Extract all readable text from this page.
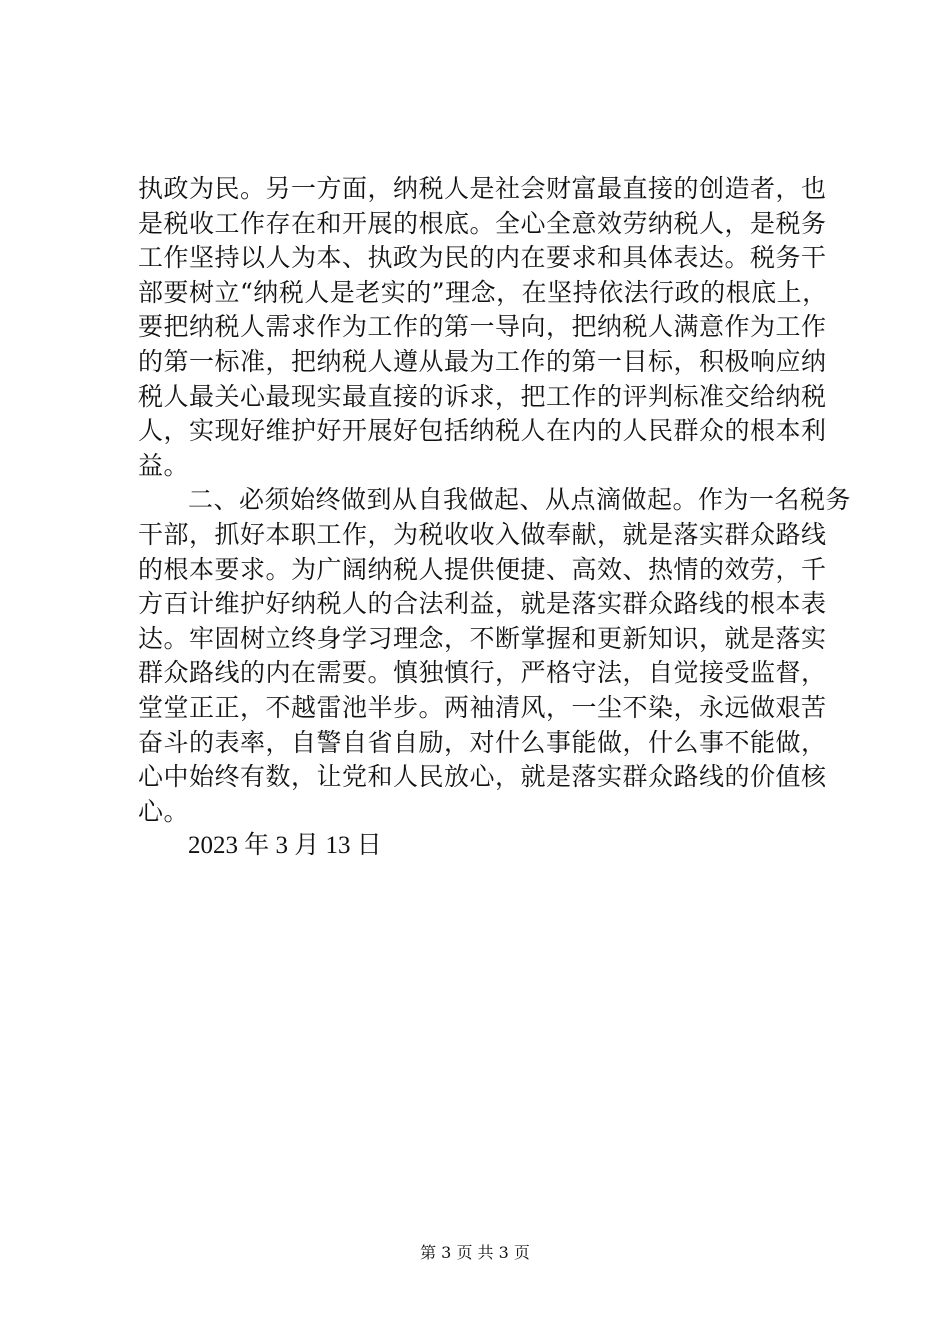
执政为民。另一方面，纳税人是社会财富最直接的创造者，也
是税收工作存在和开展的根底。全心全意效劳纳税人，是税务
工作坚持以人为本、执政为民的内在要求和具体表达。税务干
部要树立“纳税人是老实的”理念，在坚持依法行政的根底上，
要把纳税人需求作为工作的第一导向，把纳税人满意作为工作
的第一标准，把纳税人遵从最为工作的第一目标，积极响应纳
税人最关心最现实最直接的诉求，把工作的评判标准交给纳税
人，实现好维护好开展好包括纳税人在内的人民群众的根本利
益。
二、必须始终做到从自我做起、从点滴做起。作为一名税务
干部，抓好本职工作，为税收收入做奉献，就是落实群众路线
的根本要求。为广阔纳税人提供便捷、高效、热情的效劳，千
方百计维护好纳税人的合法利益，就是落实群众路线的根本表
达。牢固树立终身学习理念，不断掌握和更新知识，就是落实
群众路线的内在需要。慎独慎行，严格守法，自觉接受监督，
堂堂正正，不越雷池半步。两袖清风，一尘不染，永远做艰苦
奋斗的表率，自警自省自励，对什么事能做，什么事不能做，
心中始终有数，让党和人民放心，就是落实群众路线的价值核
心。
2023 年 3 月 13 日
第 3 页 共 3 页
